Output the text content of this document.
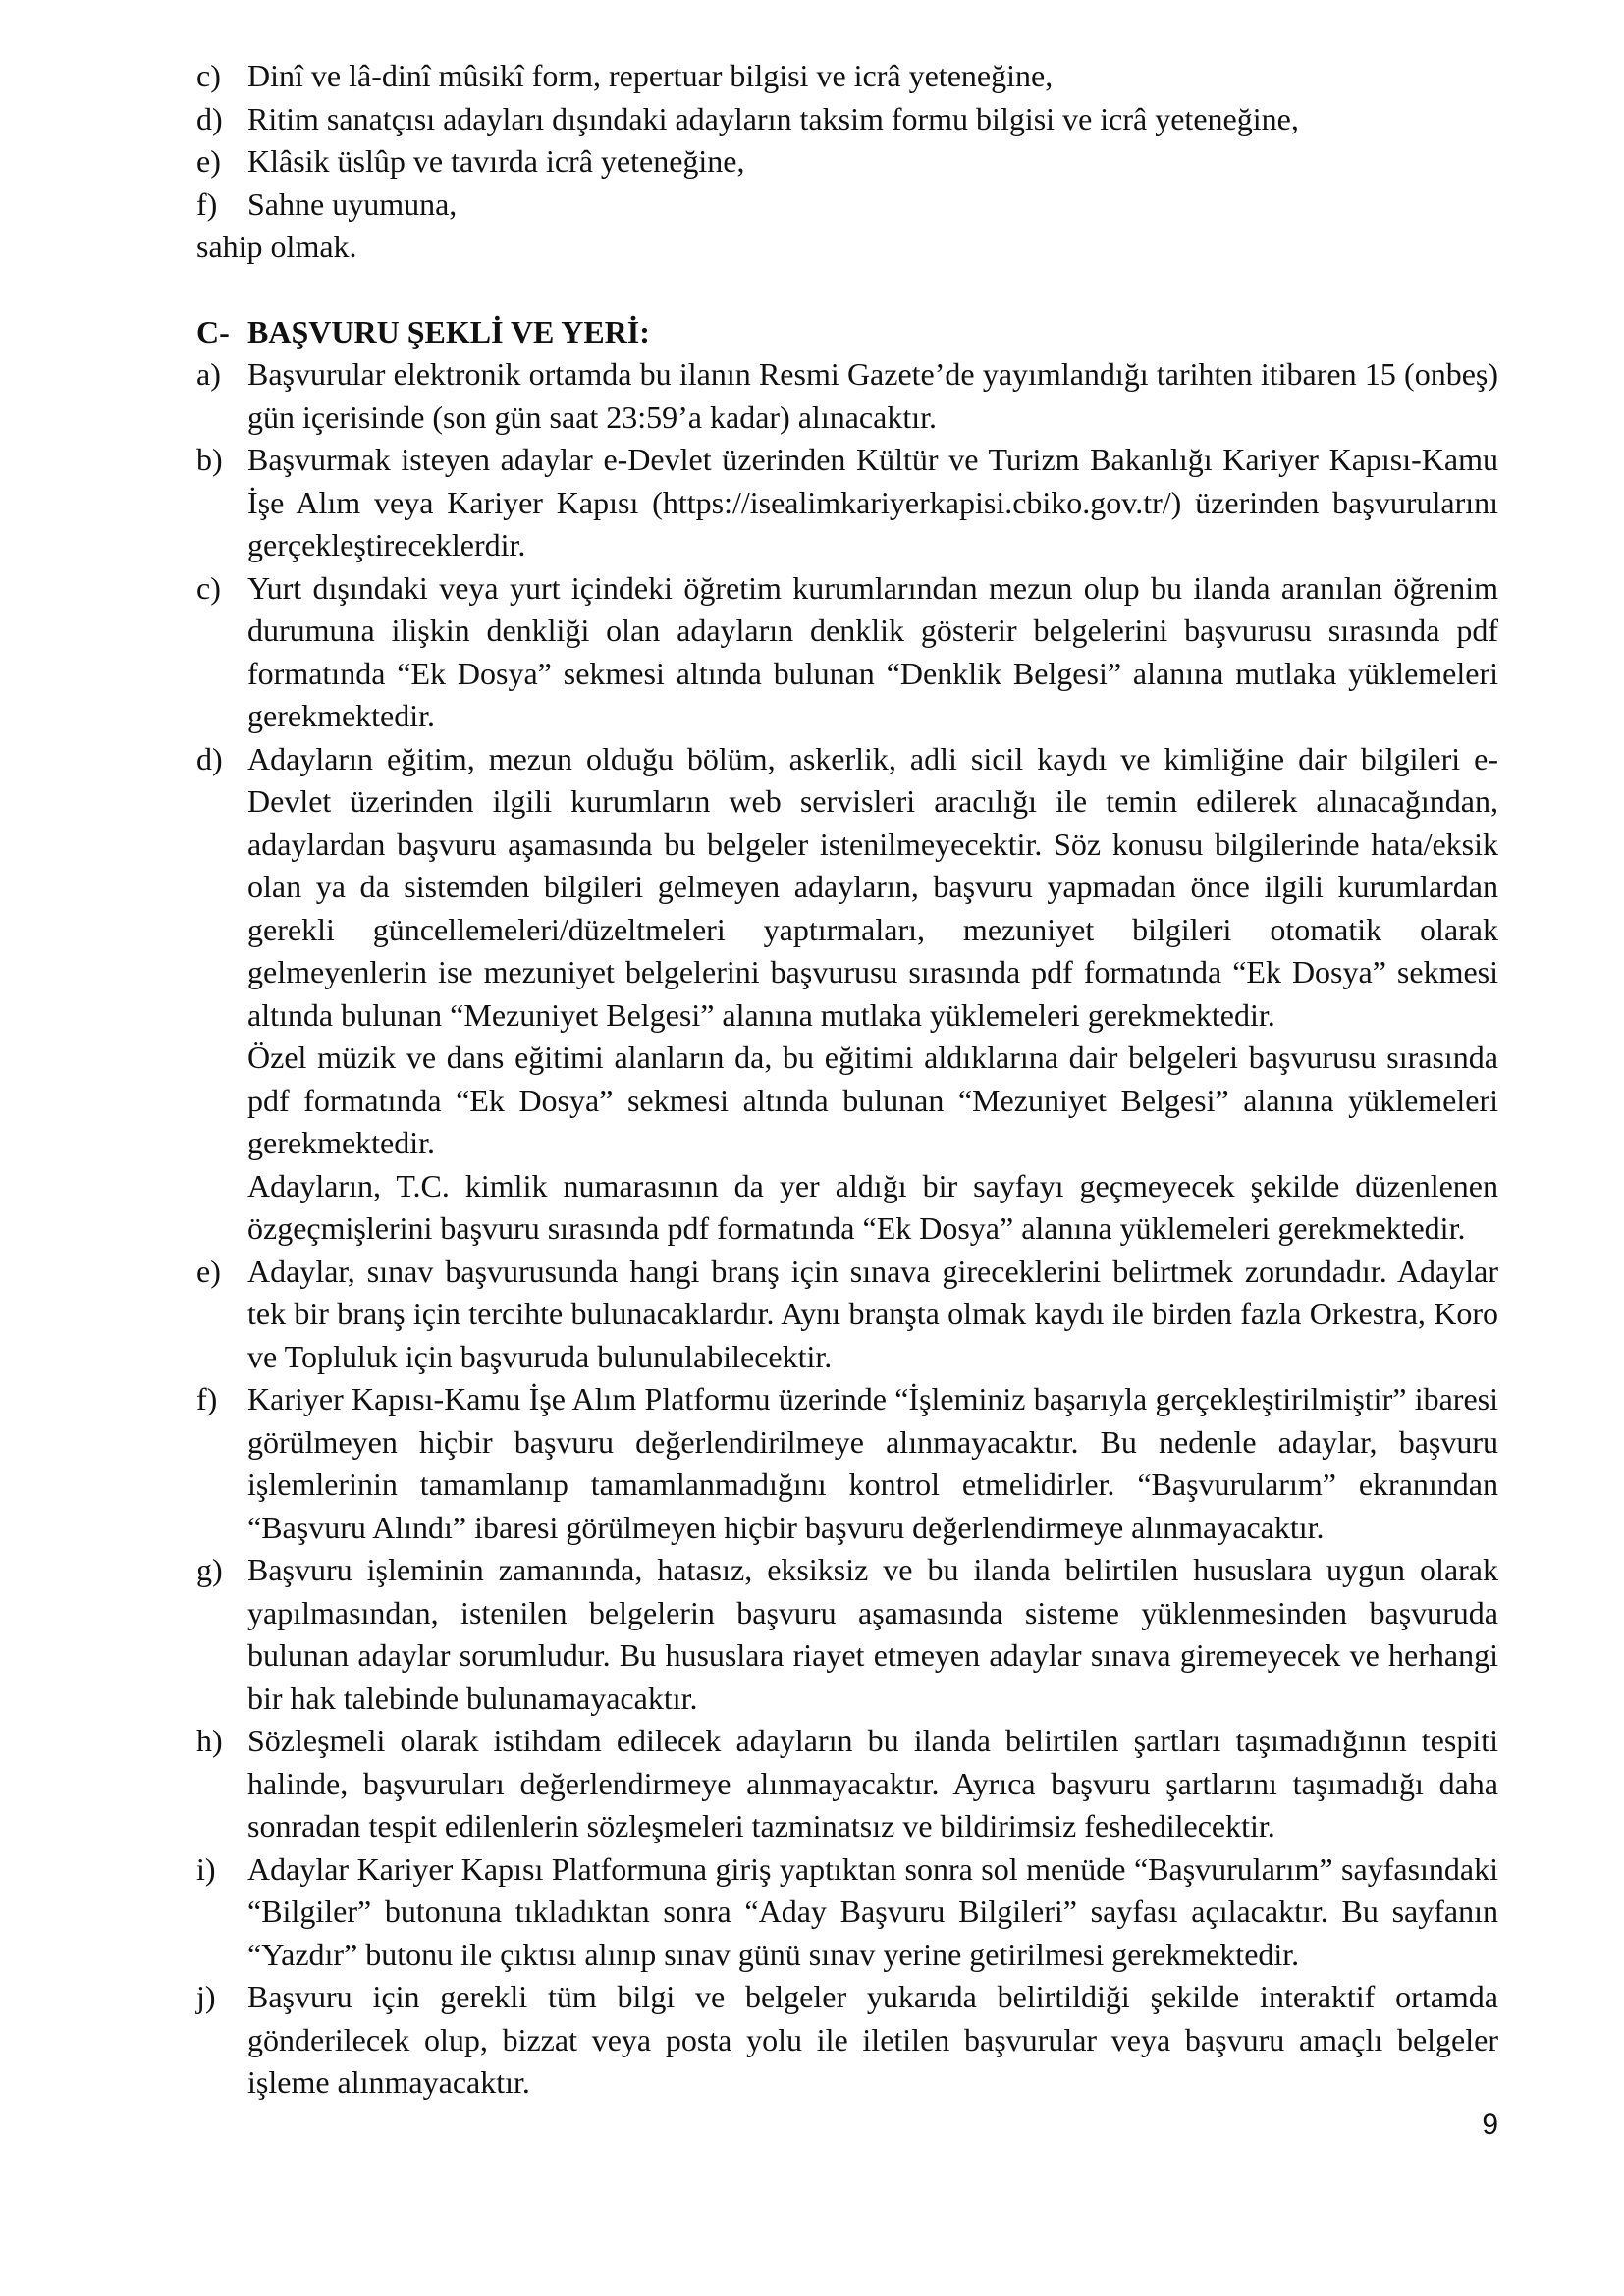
c) Dinî ve lâ-dinî mûsikî form, repertuar bilgisi ve icrâ yeteneğine,
d) Ritim sanatçısı adayları dışındaki adayların taksim formu bilgisi ve icrâ yeteneğine,
e) Klâsik üslûp ve tavırda icrâ yeteneğine,
f) Sahne uyumuna,

sahip olmak.

C- BAŞVURU ŞEKLİ VE YERİ:
a) Başvurular elektronik ortamda bu ilanın Resmi Gazete’de yayımlandığı tarihten itibaren 15 (onbeş) gün içerisinde (son gün saat 23:59’a kadar) alınacaktır.

b) Başvurmak isteyen adaylar e-Devlet üzerinden Kültür ve Turizm Bakanlığı Kariyer Kapısı-Kamu İşe Alım veya Kariyer Kapısı (https://isealimkariyerkapisi.cbiko.gov.tr/) üzerinden başvurularını gerçekleştireceklerdir.

c) Yurt dışındaki veya yurt içindeki öğretim kurumlarından mezun olup bu ilanda aranılan öğrenim durumuna ilişkin denkliği olan adayların denklik gösterir belgelerini başvurusu sırasında pdf formatında “Ek Dosya” sekmesi altında bulunan “Denklik Belgesi” alanına mutlaka yüklemeleri gerekmektedir.

d) Adayların eğitim, mezun olduğu bölüm, askerlik, adli sicil kaydı ve kimliğine dair bilgileri e-Devlet üzerinden ilgili kurumların web servisleri aracılığı ile temin edilerek alınacağından, adaylardan başvuru aşamasında bu belgeler istenilmeyecektir. Söz konusu bilgilerinde hata/eksik olan ya da sistemden bilgileri gelmeyen adayların, başvuru yapmadan önce ilgili kurumlardan gerekli güncellemeleri/düzeltmeleri yaptırmaları, mezuniyet bilgileri otomatik olarak gelmeyenlerin ise mezuniyet belgelerini başvurusu sırasında pdf formatında “Ek Dosya” sekmesi altında bulunan “Mezuniyet Belgesi” alanına mutlaka yüklemeleri gerekmektedir.

Özel müzik ve dans eğitimi alanların da, bu eğitimi aldıklarına dair belgeleri başvurusu sırasında pdf formatında “Ek Dosya” sekmesi altında bulunan “Mezuniyet Belgesi” alanına yüklemeleri gerekmektedir.

Adayların, T.C. kimlik numarasının da yer aldığı bir sayfayı geçmeyecek şekilde düzenlenen özgeçmişlerini başvuru sırasında pdf formatında “Ek Dosya” alanına yüklemeleri gerekmektedir.

e) Adaylar, sınav başvurusunda hangi branş için sınava gireceklerini belirtmek zorundadır. Adaylar tek bir branş için tercihte bulunacaklardır. Aynı branşta olmak kaydı ile birden fazla Orkestra, Koro ve Topluluk için başvuruda bulunulabilecektir.

f) Kariyer Kapısı-Kamu İşe Alım Platformu üzerinde “İşleminiz başarıyla gerçekleştirilmiştir” ibaresi görülmeyen hiçbir başvuru değerlendirilmeye alınmayacaktır. Bu nedenle adaylar, başvuru işlemlerinin tamamlanıp tamamlanmadığını kontrol etmelidirler. “Başvurularım” ekranından “Başvuru Alındı” ibaresi görülmeyen hiçbir başvuru değerlendirmeye alınmayacaktır.

g) Başvuru işleminin zamanında, hatasız, eksiksiz ve bu ilanda belirtilen hususlara uygun olarak yapılmasından, istenilen belgelerin başvuru aşamasında sisteme yüklenmesinden başvuruda bulunan adaylar sorumludur. Bu hususlara riayet etmeyen adaylar sınava giremeyecek ve herhangi bir hak talebinde bulunamayacaktır.

h) Sözleşmeli olarak istihdam edilecek adayların bu ilanda belirtilen şartları taşımadığının tespiti halinde, başvuruları değerlendirmeye alınmayacaktır. Ayrıca başvuru şartlarını taşımadığı daha sonradan tespit edilenlerin sözleşmeleri tazminatsız ve bildirimsiz feshedilecektir.

i)	Adaylar Kariyer Kapısı Platformuna giriş yaptıktan sonra sol menüde “Başvurularım” sayfasındaki “Bilgiler” butonuna tıkladıktan sonra “Aday Başvuru Bilgileri” sayfası açılacaktır. Bu sayfanın “Yazdır” butonu ile çıktısı alınıp sınav günü sınav yerine getirilmesi gerekmektedir.

j)	Başvuru için gerekli tüm bilgi ve belgeler yukarıda belirtildiği şekilde interaktif ortamda gönderilecek olup, bizzat veya posta yolu ile iletilen başvurular veya başvuru amaçlı belgeler işleme alınmayacaktır.

9
